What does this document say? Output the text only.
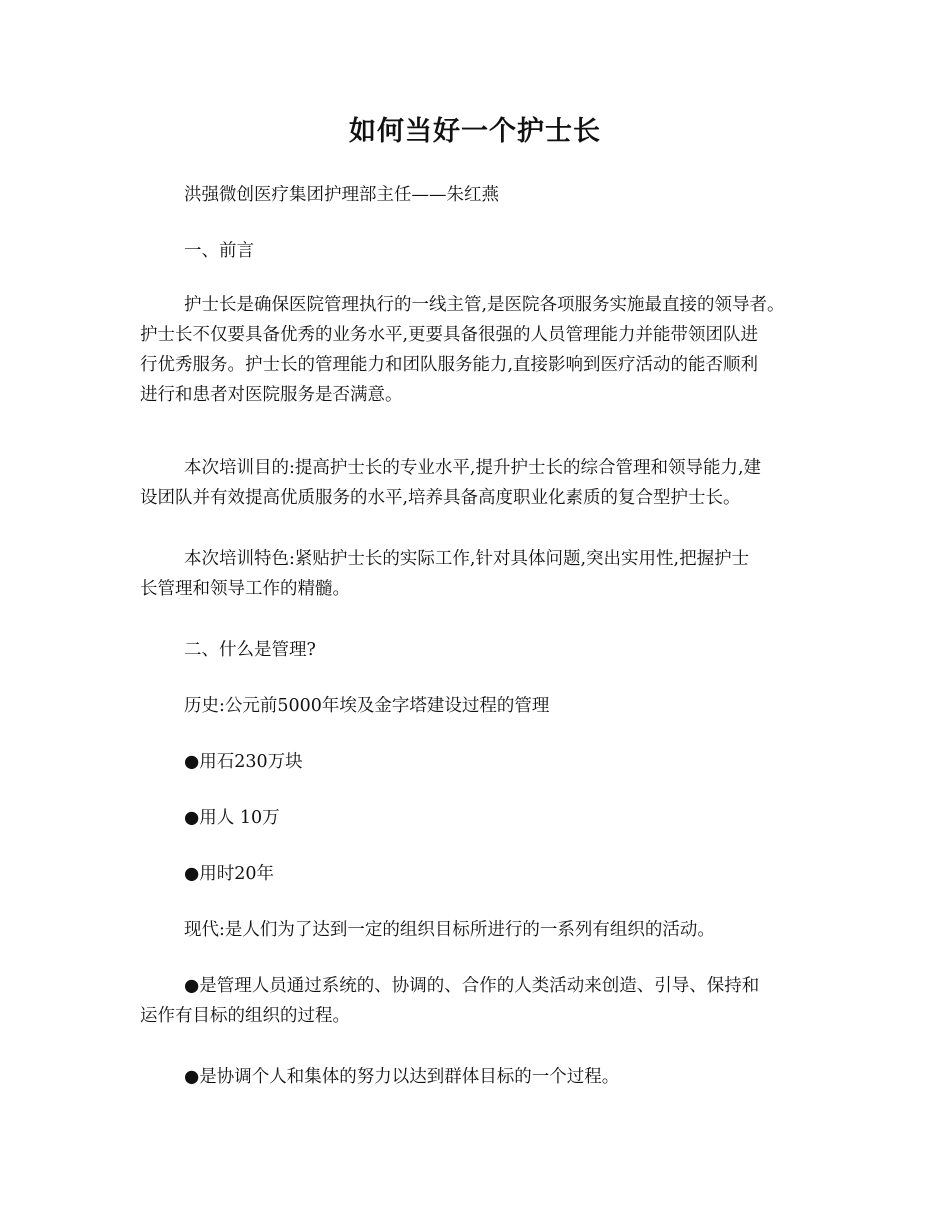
如何当好一个护士长

洪强微创医疗集团护理部主任——朱红燕

一、前言

护士长是确保医院管理执行的一线主管,是医院各项服务实施最直接的领导者。
护士长不仅要具备优秀的业务水平,更要具备很强的人员管理能力并能带领团队进
行优秀服务。护士长的管理能力和团队服务能力,直接影响到医疗活动的能否顺利
进行和患者对医院服务是否满意。

本次培训目的:提高护士长的专业水平,提升护士长的综合管理和领导能力,建
设团队并有效提高优质服务的水平,培养具备高度职业化素质的复合型护士长。

本次培训特色:紧贴护士长的实际工作,针对具体问题,突出实用性,把握护士
长管理和领导工作的精髓。

二、什么是管理?

历史:公元前5000年埃及金字塔建设过程的管理

●用石230万块

●用人 10万

●用时20年

现代:是人们为了达到一定的组织目标所进行的一系列有组织的活动。

●是管理人员通过系统的、协调的、合作的人类活动来创造、引导、保持和
运作有目标的组织的过程。

●是协调个人和集体的努力以达到群体目标的一个过程。
